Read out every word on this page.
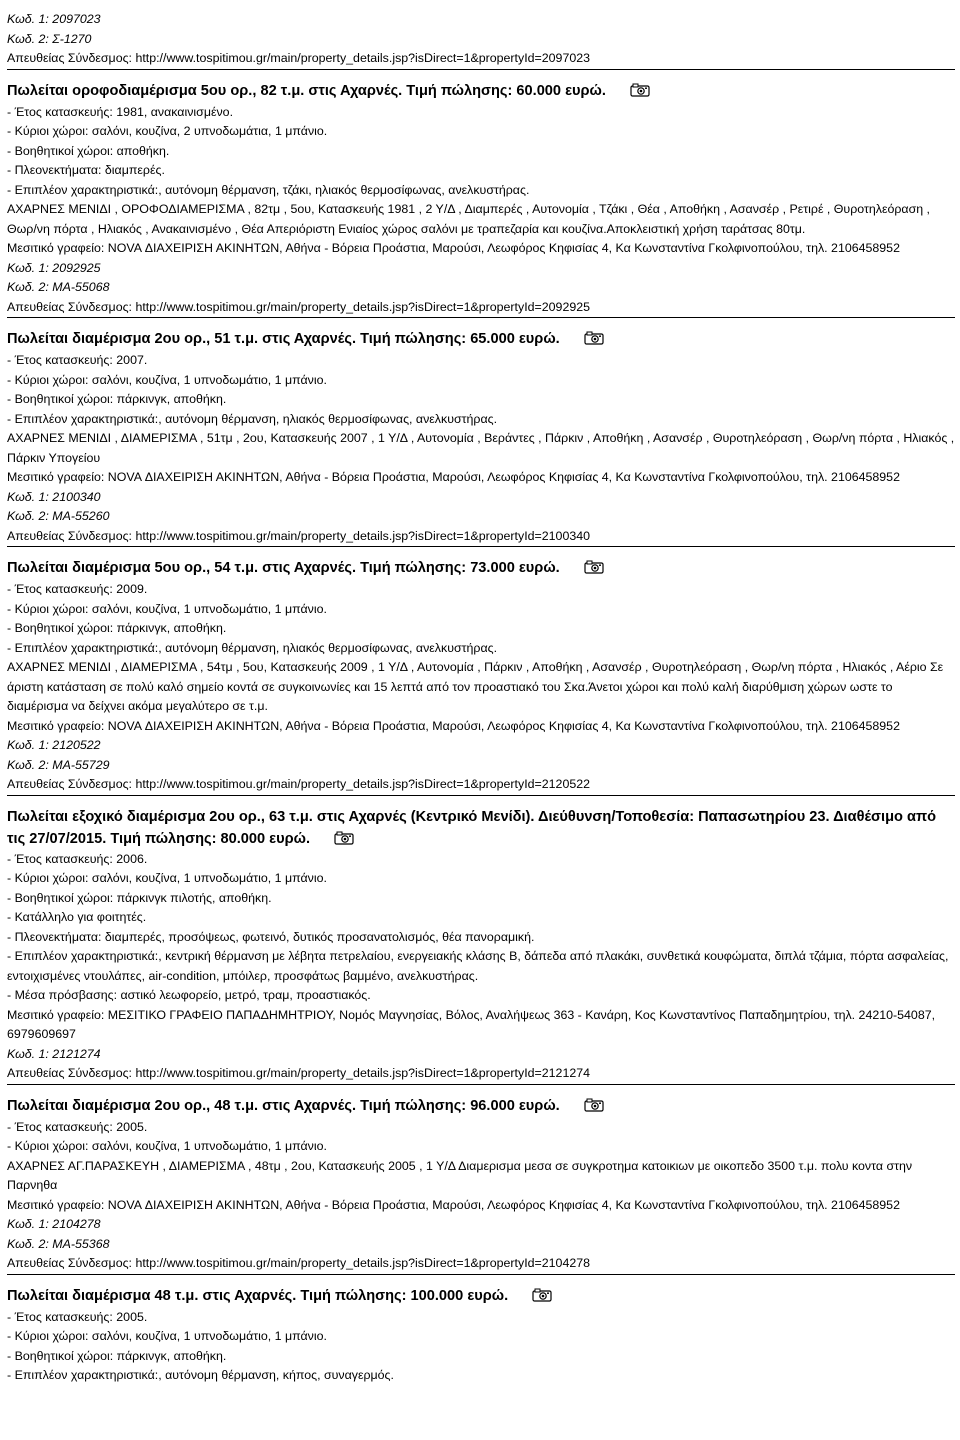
Κωδ. 1: 2097023
Κωδ. 2: Σ-1270
Απευθείας Σύνδεσμος: http://www.tospitimou.gr/main/property_details.jsp?isDirect=1&propertyId=2097023
Πωλείται οροφοδιαμέρισμα 5ου ορ., 82 τ.μ. στις Αχαρνές. Τιμή πώλησης: 60.000 ευρώ.
- Έτος κατασκευής: 1981, ανακαινισμένο.
- Κύριοι χώροι: σαλόνι, κουζίνα, 2 υπνοδωμάτια, 1 μπάνιο.
- Βοηθητικοί χώροι: αποθήκη.
- Πλεονεκτήματα: διαμπερές.
- Επιπλέον χαρακτηριστικά:, αυτόνομη θέρμανση, τζάκι, ηλιακός θερμοσίφωνας, ανελκυστήρας.
ΑΧΑΡΝΕΣ ΜΕΝΙΔΙ , ΟΡΟΦΟΔΙΑΜΕΡΙΣΜΑ , 82τμ , 5ου, Κατασκευής 1981 , 2 Υ/Δ , Διαμπερές , Αυτονομία , Τζάκι , Θέα , Αποθήκη , Ασανσέρ , Ρετιρέ , Θυροτηλεόραση , Θωρ/νη πόρτα , Ηλιακός , Ανακαινισμένο , Θέα Απεριόριστη Ενιαίος χώρος σαλόνι με τραπεζαρία και κουζίνα.Αποκλειστική χρήση ταράτσας 80τμ.
Μεσιτικό γραφείο: NOVA ΔΙΑΧΕΙΡΙΣΗ ΑΚΙΝΗΤΩΝ, Αθήνα - Βόρεια Προάστια, Μαρούσι, Λεωφόρος Κηφισίας 4, Κα Κωνσταντίνα Γκολφινοπούλου, τηλ. 2106458952
Κωδ. 1: 2092925
Κωδ. 2: ΜΑ-55068
Απευθείας Σύνδεσμος: http://www.tospitimou.gr/main/property_details.jsp?isDirect=1&propertyId=2092925
Πωλείται διαμέρισμα 2ου ορ., 51 τ.μ. στις Αχαρνές. Τιμή πώλησης: 65.000 ευρώ.
- Έτος κατασκευής: 2007.
- Κύριοι χώροι: σαλόνι, κουζίνα, 1 υπνοδωμάτιο, 1 μπάνιο.
- Βοηθητικοί χώροι: πάρκινγκ, αποθήκη.
- Επιπλέον χαρακτηριστικά:, αυτόνομη θέρμανση, ηλιακός θερμοσίφωνας, ανελκυστήρας.
ΑΧΑΡΝΕΣ ΜΕΝΙΔΙ , ΔΙΑΜΕΡΙΣΜΑ , 51τμ , 2ου, Κατασκευής 2007 , 1 Υ/Δ , Αυτονομία , Βεράντες , Πάρκιν , Αποθήκη , Ασανσέρ , Θυροτηλεόραση , Θωρ/νη πόρτα , Ηλιακός , Πάρκιν Υπογείου
Μεσιτικό γραφείο: NOVA ΔΙΑΧΕΙΡΙΣΗ ΑΚΙΝΗΤΩΝ, Αθήνα - Βόρεια Προάστια, Μαρούσι, Λεωφόρος Κηφισίας 4, Κα Κωνσταντίνα Γκολφινοπούλου, τηλ. 2106458952
Κωδ. 1: 2100340
Κωδ. 2: ΜΑ-55260
Απευθείας Σύνδεσμος: http://www.tospitimou.gr/main/property_details.jsp?isDirect=1&propertyId=2100340
Πωλείται διαμέρισμα 5ου ορ., 54 τ.μ. στις Αχαρνές. Τιμή πώλησης: 73.000 ευρώ.
- Έτος κατασκευής: 2009.
- Κύριοι χώροι: σαλόνι, κουζίνα, 1 υπνοδωμάτιο, 1 μπάνιο.
- Βοηθητικοί χώροι: πάρκινγκ, αποθήκη.
- Επιπλέον χαρακτηριστικά:, αυτόνομη θέρμανση, ηλιακός θερμοσίφωνας, ανελκυστήρας.
ΑΧΑΡΝΕΣ ΜΕΝΙΔΙ , ΔΙΑΜΕΡΙΣΜΑ , 54τμ , 5ου, Κατασκευής 2009 , 1 Υ/Δ , Αυτονομία , Πάρκιν , Αποθήκη , Ασανσέρ , Θυροτηλεόραση , Θωρ/νη πόρτα , Ηλιακός , Αέριο Σε άριστη κατάσταση σε πολύ καλό σημείο κοντά σε συγκοινωνίες και 15 λεπτά από τον προαστιακό του Σκα.Άνετοι χώροι και πολύ καλή διαρύθμιση χώρων ωστε το διαμέρισμα να δείχνει ακόμα μεγαλύτερο σε τ.μ.
Μεσιτικό γραφείο: NOVA ΔΙΑΧΕΙΡΙΣΗ ΑΚΙΝΗΤΩΝ, Αθήνα - Βόρεια Προάστια, Μαρούσι, Λεωφόρος Κηφισίας 4, Κα Κωνσταντίνα Γκολφινοπούλου, τηλ. 2106458952
Κωδ. 1: 2120522
Κωδ. 2: ΜΑ-55729
Απευθείας Σύνδεσμος: http://www.tospitimou.gr/main/property_details.jsp?isDirect=1&propertyId=2120522
Πωλείται εξοχικό διαμέρισμα 2ου ορ., 63 τ.μ. στις Αχαρνές (Κεντρικό Μενίδι). Διεύθυνση/Τοποθεσία: Παπασωτηρίου 23. Διαθέσιμο από τις 27/07/2015. Τιμή πώλησης: 80.000 ευρώ.
- Έτος κατασκευής: 2006.
- Κύριοι χώροι: σαλόνι, κουζίνα, 1 υπνοδωμάτιο, 1 μπάνιο.
- Βοηθητικοί χώροι: πάρκινγκ πιλοτής, αποθήκη.
- Κατάλληλο για φοιτητές.
- Πλεονεκτήματα: διαμπερές, προσόψεως, φωτεινό, δυτικός προσανατολισμός, θέα πανοραμική.
- Επιπλέον χαρακτηριστικά:, κεντρική θέρμανση με λέβητα πετρελαίου, ενεργειακής κλάσης Β, δάπεδα από πλακάκι, συνθετικά κουφώματα, διπλά τζάμια, πόρτα ασφαλείας, εντοιχισμένες ντουλάπες, air-condition, μπόιλερ, προσφάτως βαμμένο, ανελκυστήρας.
- Μέσα πρόσβασης: αστικό λεωφορείο, μετρό, τραμ, προαστιακός.
Μεσιτικό γραφείο: ΜΕΣΙΤΙΚΟ ΓΡΑΦΕΙΟ ΠΑΠΑΔΗΜΗΤΡΙΟΥ, Νομός Μαγνησίας, Βόλος, Αναλήψεως 363 - Κανάρη, Κος Κωνσταντίνος Παπαδημητρίου, τηλ. 24210-54087, 6979609697
Κωδ. 1: 2121274
Απευθείας Σύνδεσμος: http://www.tospitimou.gr/main/property_details.jsp?isDirect=1&propertyId=2121274
Πωλείται διαμέρισμα 2ου ορ., 48 τ.μ. στις Αχαρνές. Τιμή πώλησης: 96.000 ευρώ.
- Έτος κατασκευής: 2005.
- Κύριοι χώροι: σαλόνι, κουζίνα, 1 υπνοδωμάτιο, 1 μπάνιο.
ΑΧΑΡΝΕΣ ΑΓ.ΠΑΡΑΣΚΕΥΗ , ΔΙΑΜΕΡΙΣΜΑ , 48τμ , 2ου, Κατασκευής 2005 , 1 Υ/Δ Διαμερισμα μεσα σε συγκροτημα κατοικιων με οικοπεδο 3500 τ.μ. πολυ κοντα στην Παρνηθα
Μεσιτικό γραφείο: NOVA ΔΙΑΧΕΙΡΙΣΗ ΑΚΙΝΗΤΩΝ, Αθήνα - Βόρεια Προάστια, Μαρούσι, Λεωφόρος Κηφισίας 4, Κα Κωνσταντίνα Γκολφινοπούλου, τηλ. 2106458952
Κωδ. 1: 2104278
Κωδ. 2: ΜΑ-55368
Απευθείας Σύνδεσμος: http://www.tospitimou.gr/main/property_details.jsp?isDirect=1&propertyId=2104278
Πωλείται διαμέρισμα 48 τ.μ. στις Αχαρνές. Τιμή πώλησης: 100.000 ευρώ.
- Έτος κατασκευής: 2005.
- Κύριοι χώροι: σαλόνι, κουζίνα, 1 υπνοδωμάτιο, 1 μπάνιο.
- Βοηθητικοί χώροι: πάρκινγκ, αποθήκη.
- Επιπλέον χαρακτηριστικά:, αυτόνομη θέρμανση, κήπος, συναγερμός.
